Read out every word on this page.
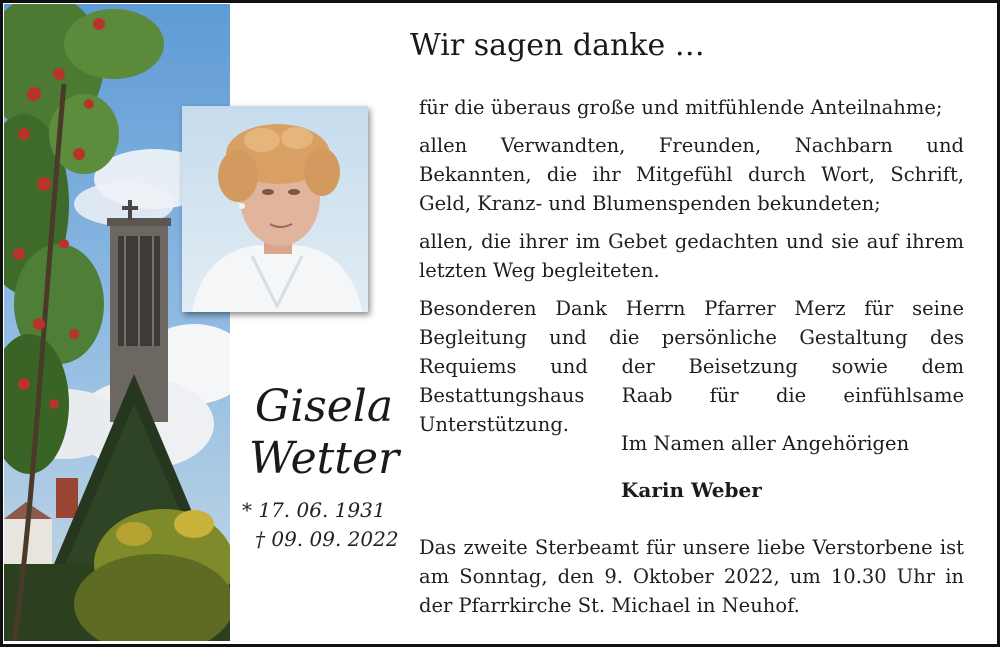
Gisela
Wetter
* 17. 06. 1931
† 09. 09. 2022
Wir sagen danke …
für die überaus große und mitfühlende Anteilnahme;
allen Verwandten, Freunden, Nachbarn und Bekannten, die ihr Mitgefühl durch Wort, Schrift, Geld, Kranz- und Blumenspenden bekundeten;
allen, die ihrer im Gebet gedachten und sie auf ihrem letzten Weg begleiteten.
Besonderen Dank Herrn Pfarrer Merz für seine Begleitung und die persönliche Gestaltung des Requiems und der Beisetzung sowie dem Bestattungshaus Raab für die einfühlsame Unterstützung.
Im Namen aller Angehörigen
Karin Weber
Das zweite Sterbeamt für unsere liebe Verstorbene ist am Sonntag, den 9. Oktober 2022, um 10.30 Uhr in der Pfarrkirche St. Michael in Neuhof.
